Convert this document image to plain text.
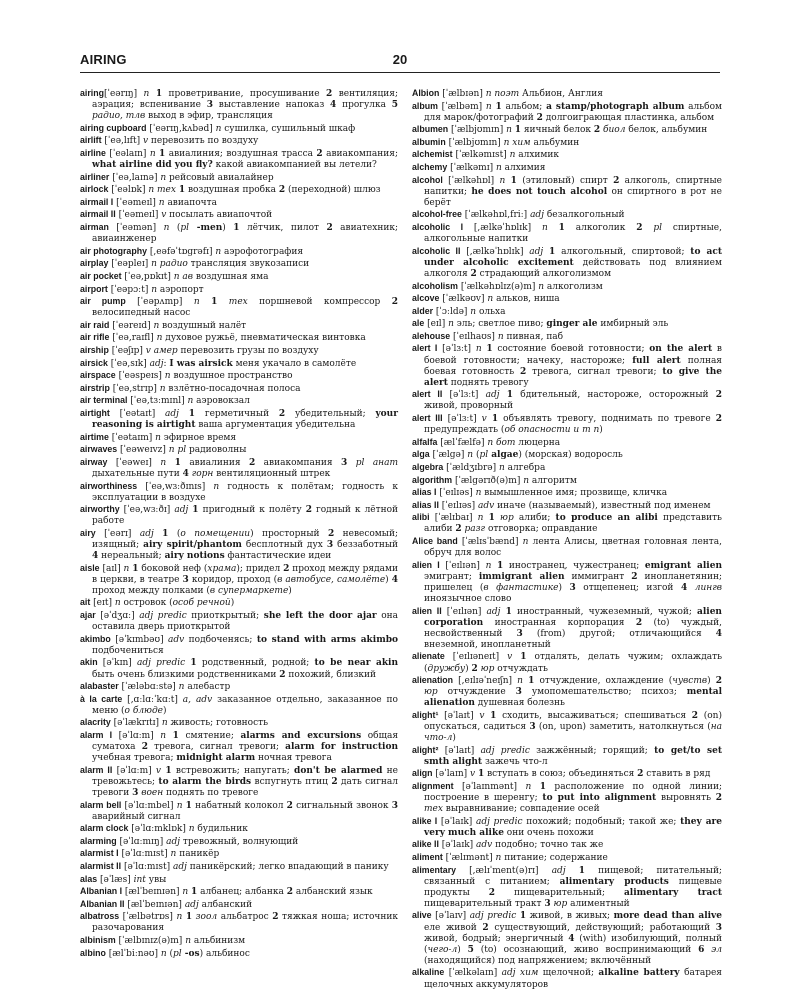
AIRING	20

airing[ˈeərɪŋ] n 1 проветривание, просушивание 2 вентиляция; аэрация; вспенивание 3 выставление напоказ 4 прогулка 5 радио, тлв выход в эфир, трансляция

airing cupboard [ˈeərɪŋ,kʌbəd] n сушилка, сушильный шкаф

airlift [ˈeə,lɪft] v перевозить по воздуху

airline [ˈeəlaɪn] n 1 авиалиния; воздушная трасса 2 авиакомпания; what airline did you fly? какой авиакомпанией вы летели?

airliner [ˈeə,laɪnə] n рейсовый авиалайнер

airlock [ˈeəlɒk] n тех 1 воздушная пробка 2 (переходной) шлюз

airmail I [ˈeəmeɪl] n авиапочта

airmail II [ˈeəmeɪl] v посылать авиапочтой

airman [ˈeəmən] n (pl -men) 1 лётчик, пилот 2 авиатехник; авиаинженер

air photography [,eəfəˈtɒgrəfɪ] n аэрофотография

airplay [ˈeəpleɪ] n радио трансляция звукозаписи

air pocket [ˈeə,pɒkɪt] n ав воздушная яма

airport [ˈeəpɔːt] n аэропорт

air pump [ˈeəpʌmp] n 1 тех поршневой компрессор 2 велосипедный насос

air raid [ˈeəreɪd] n воздушный налёт

air rifle [ˈeə,raɪfl] n духовое ружьё, пневматическая винтовка

airship [ˈeəʃɪp] v амер перевозить грузы по воздуху

airsick [ˈeə,sɪk] adj: I was airsick меня укачало в самолёте

airspace [ˈeəspeɪs] n воздушное пространство

airstrip [ˈeə,strɪp] n взлётно-посадочная полоса

air terminal [ˈeə,tɜːmɪnl] n аэровокзал

airtight [ˈeətaɪt] adj 1 герметичный 2 убедительный; your reasoning is airtight ваша аргументация убедительна

airtime [ˈeətaɪm] n эфирное время

airwaves [ˈeəweɪvz] n pl радиоволны

airway [ˈeəweɪ] n 1 авиалиния 2 авиакомпания 3 pl анат дыхательные пути 4 горн вентиляционный штрек

airworthiness [ˈeə,wɜːðɪnɪs] n годность к полётам; годность к эксплуатации в воздухе

airworthy [ˈeə,wɜːðɪ] adj 1 пригодный к полёту 2 годный к лётной работе

airy [ˈeərɪ] adj 1 (о помещении) просторный 2 невесомый; изящный; airy spirit/phantom бесплотный дух 3 беззаботный 4 нереальный; airy notions фантастические идеи

aisle [aɪl] n 1 боковой неф (храма); придел 2 проход между рядами в церкви, в театре 3 коридор, проход (в автобусе, самолёте) 4 проход между полками (в супермаркете)

ait [eɪt] n островок (особ речной)

ajar [əˈdʒɑː] adj predic приоткрытый; she left the door ajar она оставила дверь приоткрытой

akimbo [əˈkɪmbəʊ] adv подбоченясь; to stand with arms akimbo подбочениться

akin [əˈkɪn] adj predic 1 родственный, родной; to be near akin быть очень близкими родственниками 2 похожий, близкий

alabaster [ˈæləbɑːstə] n алебастр

à la carte [,ɑːlɑːˈkɑːt] a, adv заказанное отдельно, заказанное по меню (о блюде)

alacrity [əˈlækrɪtɪ] n живость; готовность

alarm I [əˈlɑːm] n 1 смятение; alarms and excursions общая суматоха 2 тревога, сигнал тревоги; alarm for instruction учебная тревога; midnight alarm ночная тревога

alarm II [əˈlɑːm] v 1 встревожить; напугать; don't be alarmed не тревожьтесь; to alarm the birds вспугнуть птиц 2 дать сигнал тревоги 3 воен поднять по тревоге

alarm bell [əˈlɑːmbel] n 1 набатный колокол 2 сигнальный звонок 3 аварийный сигнал

alarm clock [əˈlɑːmklɒk] n будильник

alarming [əˈlɑːmɪŋ] adj тревожный, волнующий

alarmist I [əˈlɑːmɪst] n паникёр

alarmist II [əˈlɑːmɪst] adj паникёрский; легко впадающий в панику

alas [əˈlæs] int увы

Albanian I [ælˈbeɪnɪən] n 1 албанец; албанка 2 албанский язык

Albanian II [ælˈbeɪnɪən] adj албанский

albatross [ˈælbətrɒs] n 1 зоол альбатрос 2 тяжкая ноша; источник разочарования

albinism [ˈælbɪnɪz(ə)m] n альбинизм

albino [ælˈbiːnəʊ] n (pl -os) альбинос

Albion [ˈælbɪən] n поэт Альбион, Англия

album [ˈælbəm] n 1 альбом; a stamp/photograph album альбом для марок/фотографий 2 долгоиграющая пластинка, альбом

albumen [ˈælbjʊmɪn] n 1 яичный белок 2 биол белок, альбумин

albumin [ˈælbjʊmɪn] n хим альбумин

alchemist [ˈælkəmɪst] n алхимик

alchemy [ˈælkəmɪ] n алхимия

alcohol [ˈælkəhɒl] n 1 (этиловый) спирт 2 алкоголь, спиртные напитки; he does not touch alcohol он спиртного в рот не берёт

alcohol-free [ˈælkəhɒl,friː] adj безалкогольный

alcoholic I [,ælkəˈhɒlɪk] n 1 алкоголик 2 pl спиртные, алкогольные напитки

alcoholic II [,ælkəˈhɒlɪk] adj 1 алкогольный, спиртовой; to act under alcoholic excitement действовать под влиянием алкоголя 2 страдающий алкоголизмом

alcoholism [ˈælkəhɒlɪz(ə)m] n алкоголизм

alcove [ˈælkəʊv] n альков, ниша

alder [ˈɔːldə] n ольха

ale [eɪl] n эль; светлое пиво; ginger ale имбирный эль

alehouse [ˈeɪlhaʊs] n пивная, паб

alert I [əˈlɜːt] n 1 состояние боевой готовности; on the alert в боевой готовности; начеку, настороже; full alert полная боевая готовность 2 тревога, сигнал тревоги; to give the alert поднять тревогу

alert II [əˈlɜːt] adj 1 бдительный, настороже, осторожный 2 живой, проворный

alert III [əˈlɜːt] v 1 объявлять тревогу, поднимать по тревоге 2 предупреждать (об опасности и т п)

alfalfa [ælˈfælfə] n бот люцерна

alga [ˈælgə] n (pl algae) (морская) водоросль

algebra [ˈældʒɪbrə] n алгебра

algorithm [ˈælgərɪð(ə)m] n алгоритм

alias I [ˈeɪlɪəs] n вымышленное имя; прозвище, кличка

alias II [ˈeɪlɪəs] adv иначе (называемый), известный под именем

alibi [ˈælɪbaɪ] n 1 юр алиби; to produce an alibi представить алиби 2 разг отговорка; оправдание

Alice band [ˈælɪsˈbænd] n лента Алисы, цветная головная лента, обруч для волос

alien I [ˈeɪlɪən] n 1 иностранец, чужестранец; emigrant alien эмигрант; immigrant alien иммигрант 2 инопланетянин; пришелец (в фантастике) 3 отщепенец; изгой 4 лингв иноязычное слово

alien II [ˈeɪlɪən] adj 1 иностранный, чужеземный, чужой; alien corporation иностранная корпорация 2 (to) чуждый, несвойственный 3 (from) другой; отличающийся 4 внеземной, инопланетный

alienate [ˈeɪlɪəneɪt] v 1 отдалять, делать чужим; охлаждать (дружбу) 2 юр отчуждать

alienation [,eɪlɪəˈneɪʃn] n 1 отчуждение, охлаждение (чувств) 2 юр отчуждение 3 умопомешательство; психоз; mental alienation душевная болезнь

alight¹ [əˈlaɪt] v 1 сходить, высаживаться; спешиваться 2 (on) опускаться, садиться 3 (on, upon) заметить, натолкнуться (на что-л)

alight² [əˈlaɪt] adj predic зажжённый; горящий; to get/to set smth alight зажечь что-л

align [əˈlaɪn] v 1 вступать в союз; объединяться 2 ставить в ряд

alignment [əˈlaɪnmənt] n 1 расположение по одной линии; построение в шеренгу; to put into alignment выровнять 2 тех выравнивание; совпадение осей

alike I [əˈlaɪk] adj predic похожий; подобный; такой же; they are very much alike они очень похожи

alike II [əˈlaɪk] adv подобно; точно так же

aliment [ˈælɪmənt] n питание; содержание

alimentary [,ælɪˈment(ə)rɪ] adj 1 пищевой; питательный; связанный с питанием; alimentary products пищевые продукты 2 пищеварительный; alimentary tract пищеварительный тракт 3 юр алиментный

alive [əˈlaɪv] adj predic 1 живой, в живых; more dead than alive еле живой 2 существующий, действующий; работающий 3 живой, бодрый; энергичный 4 (with) изобилующий, полный (чего-л) 5 (to) осознающий, живо воспринимающий 6 эл (находящийся) под напряжением; включённый

alkaline [ˈælkəlaɪn] adj хим щелочной; alkaline battery батарея щелочных аккумуляторов
